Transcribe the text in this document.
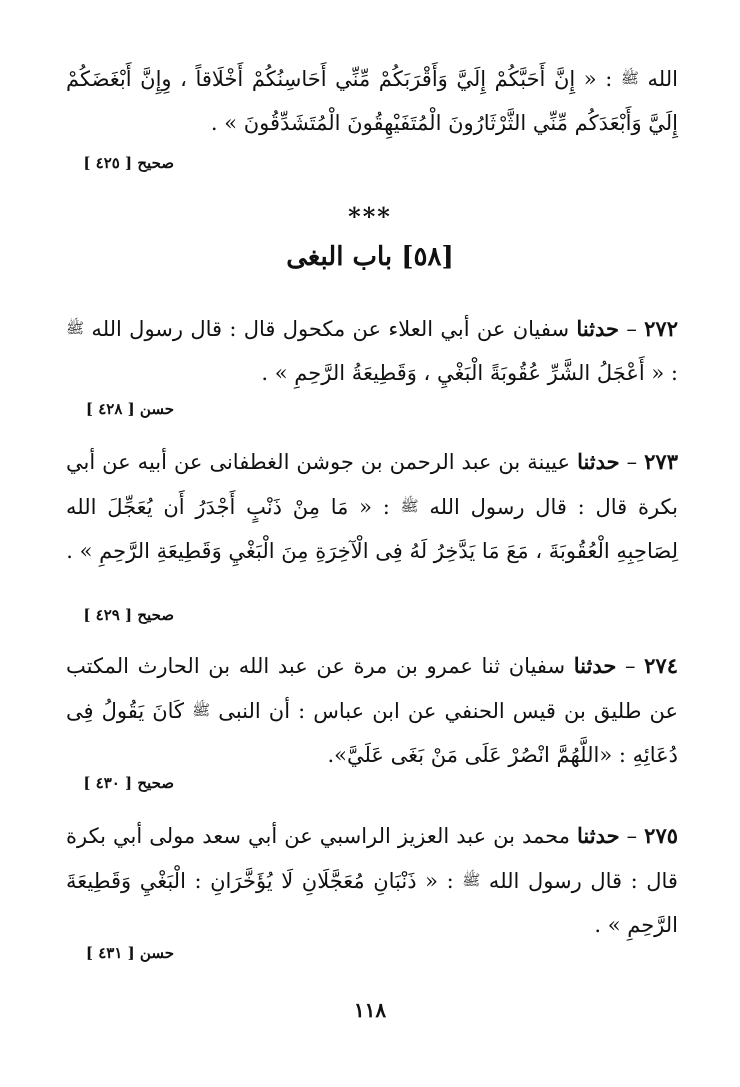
الله ﷺ : « إِنَّ أَحَبَّكُمْ إِلَيَّ وَأَقْرَبَكُمْ مِّنِّي أَحَاسِنُكُمْ أَخْلَاقاً ، وِإِنَّ أَبْغَضَكُمْ إِلَيَّ وَأَبْعَدَكُم مِّنِّي الثَّرْثَارُونَ الْمُتَفَيْهِقُونَ الْمُتَشَدِّقُونَ » .

صحيح [ ٤٢٥ ]
***
[٥٨] باب البغى

٢٧٢ – حدثنا سفيان عن أبي العلاء عن مكحول قال : قال رسول الله ﷺ : « أَعْجَلُ الشَّرِّ عُقُوبَةً الْبَغْيِ ، وَقَطِيعَةُ الرَّحِمِ » .

حسن [ ٤٢٨ ]

٢٧٣ – حدثنا عيينة بن عبد الرحمن بن جوشن الغطفانى عن أبيه عن أبي بكرة قال : قال رسول الله ﷺ : « مَا مِنْ ذَنْبٍ أَجْدَرُ أَن يُعَجِّلَ الله لِصَاحِبِهِ الْعُقُوبَةَ ، مَعَ مَا يَدَّخِرُ لَهُ فِى الْآخِرَةِ مِنَ الْبَغْيِ وَقَطِيعَةِ الرَّحِمِ » .

صحيح [ ٤٢٩ ]

٢٧٤ – حدثنا سفيان ثنا عمرو بن مرة عن عبد الله بن الحارث المكتب عن طليق بن قيس الحنفي عن ابن عباس : أن النبى ﷺ كَانَ يَقُولُ فِى دُعَائِهِ : «اللَّهُمَّ انْصُرْ عَلَى مَنْ بَغَى عَلَيَّ».

صحيح [ ٤٣٠ ]

٢٧٥ – حدثنا محمد بن عبد العزيز الراسبي عن أبي سعد مولى أبي بكرة قال : قال رسول الله ﷺ : « ذَنْبَانِ مُعَجَّلَانِ لَا يُؤَخَّرَانِ : الْبَغْيِ وَقَطِيعَةَ الرَّحِمِ » .

حسن [ ٤٣١ ]
١١٨
